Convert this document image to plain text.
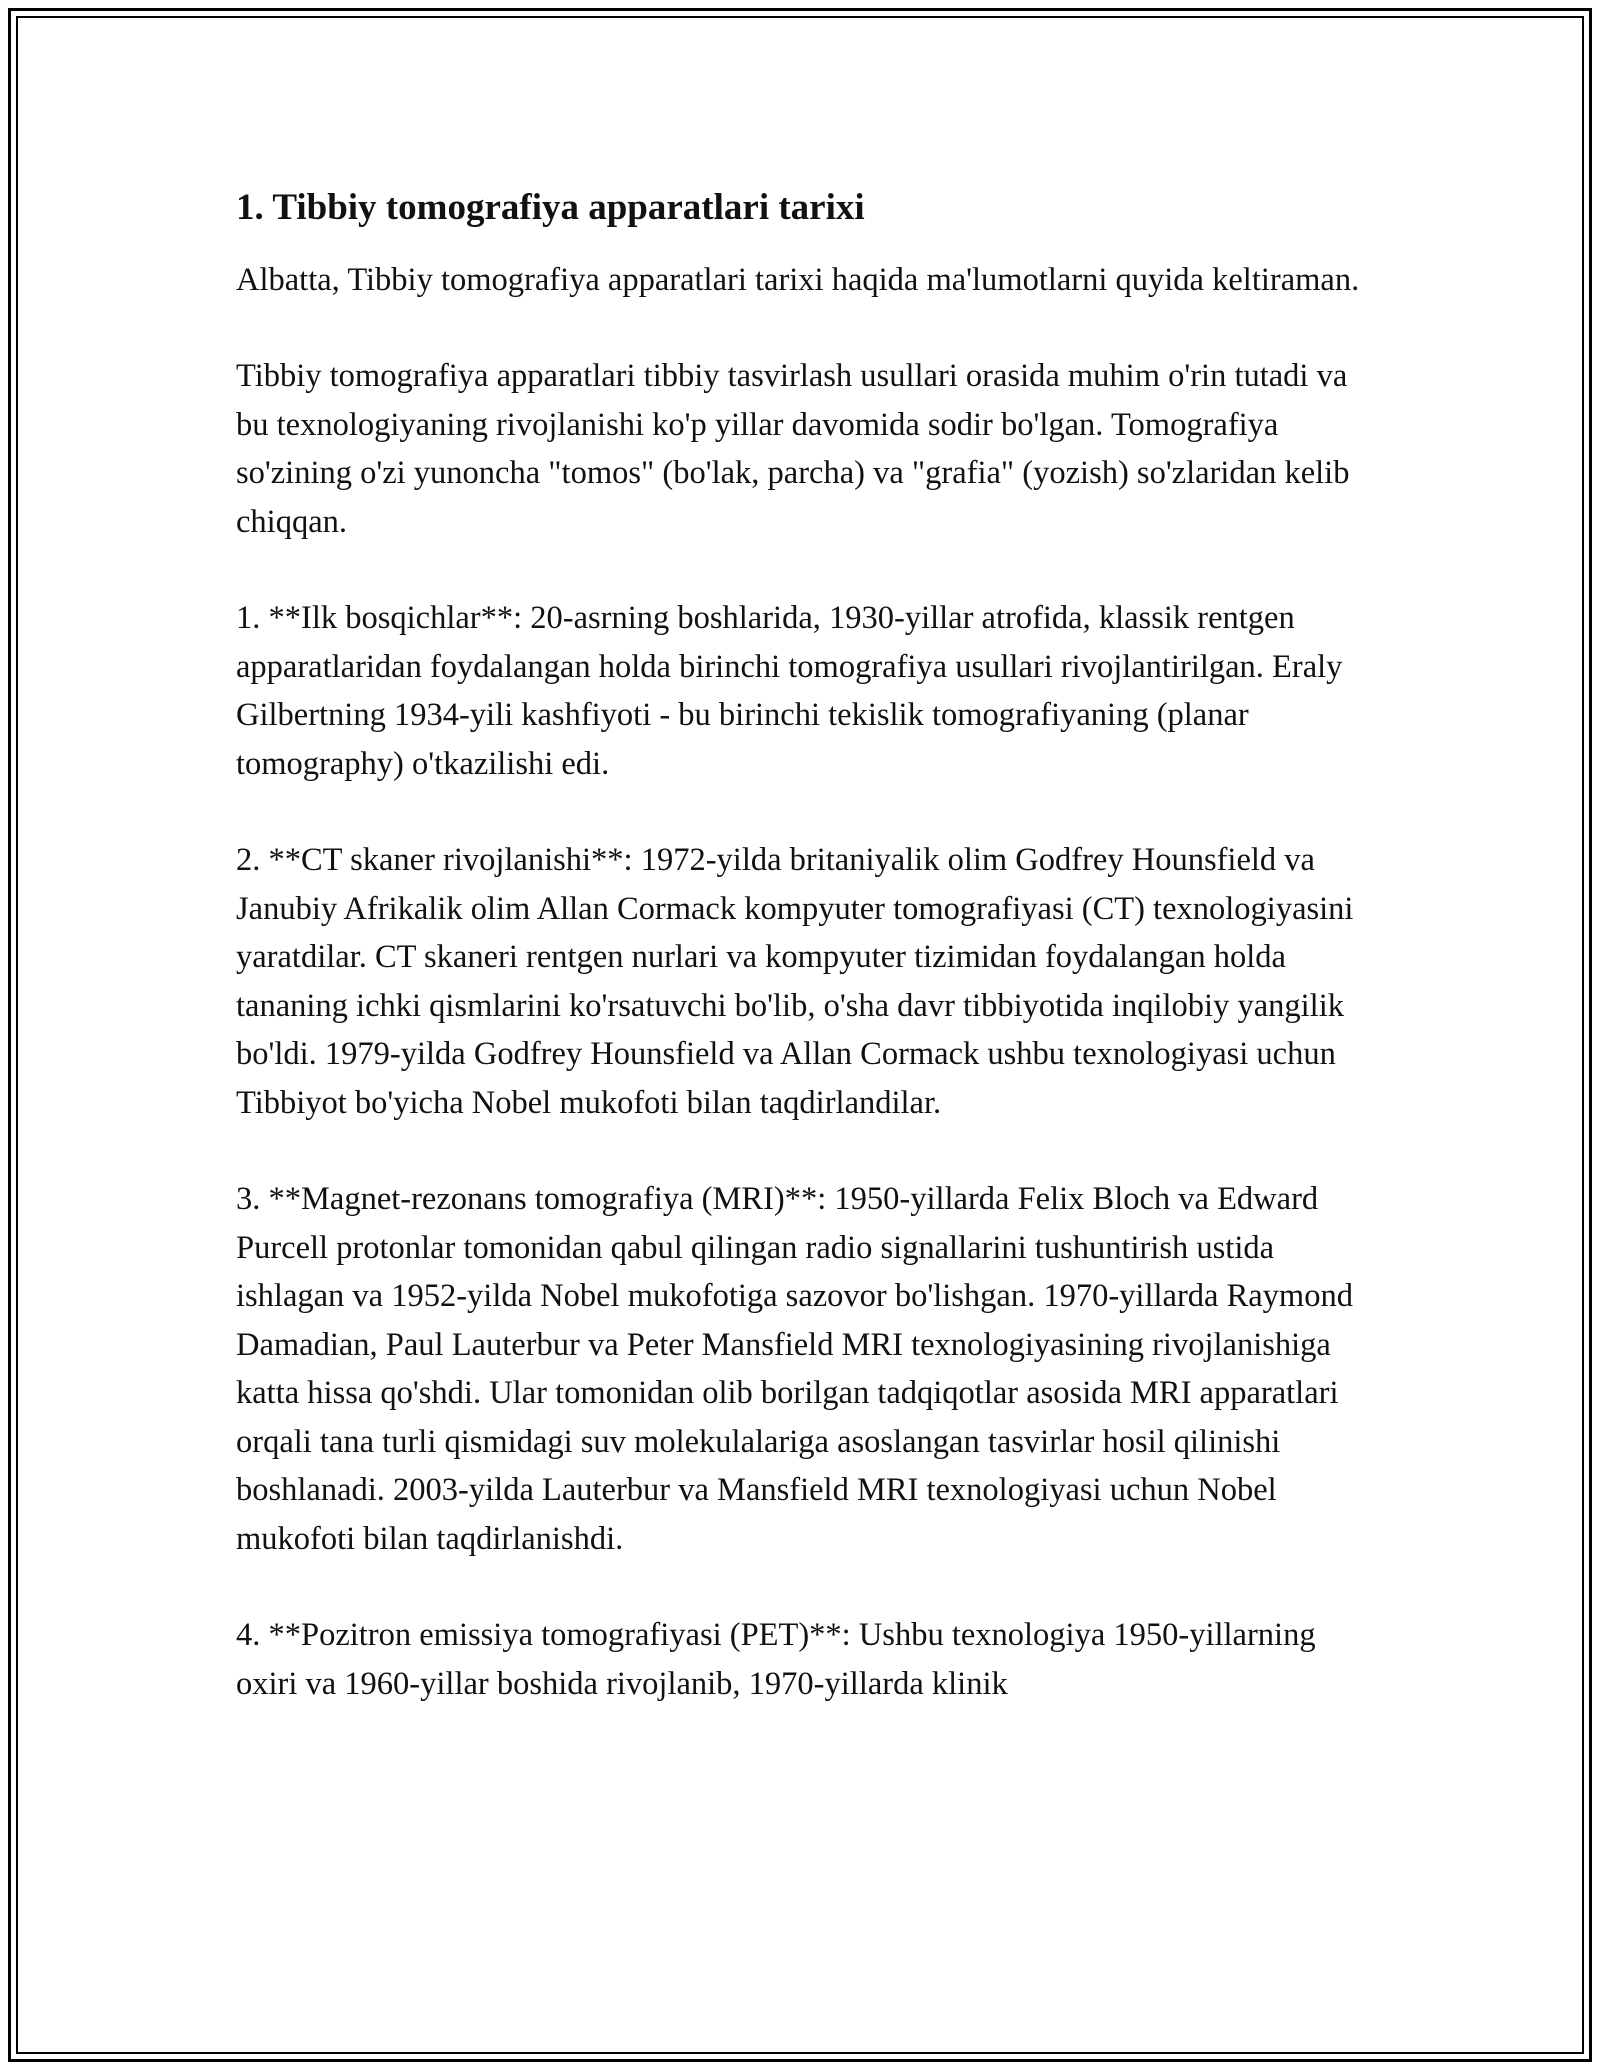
1. Tibbiy tomografiya apparatlari tarixi

Albatta, Tibbiy tomografiya apparatlari tarixi haqida ma'lumotlarni quyida keltiraman.

Tibbiy tomografiya apparatlari tibbiy tasvirlash usullari orasida muhim o'rin tutadi va bu texnologiyaning rivojlanishi ko'p yillar davomida sodir bo'lgan. Tomografiya so'zining o'zi yunoncha "tomos" (bo'lak, parcha) va "grafia" (yozish) so'zlaridan kelib chiqqan.

1. **Ilk bosqichlar**: 20-asrning boshlarida, 1930-yillar atrofida, klassik rentgen apparatlaridan foydalangan holda birinchi tomografiya usullari rivojlantirilgan. Eraly Gilbertning 1934-yili kashfiyoti - bu birinchi tekislik tomografiyaning (planar tomography) o'tkazilishi edi.

2. **CT skaner rivojlanishi**: 1972-yilda britaniyalik olim Godfrey Hounsfield va Janubiy Afrikalik olim Allan Cormack kompyuter tomografiyasi (CT) texnologiyasini yaratdilar. CT skaneri rentgen nurlari va kompyuter tizimidan foydalangan holda tananing ichki qismlarini ko'rsatuvchi bo'lib, o'sha davr tibbiyotida inqilobiy yangilik bo'ldi. 1979-yilda Godfrey Hounsfield va Allan Cormack ushbu texnologiyasi uchun Tibbiyot bo'yicha Nobel mukofoti bilan taqdirlandilar.

3. **Magnet-rezonans tomografiya (MRI)**: 1950-yillarda Felix Bloch va Edward Purcell protonlar tomonidan qabul qilingan radio signallarini tushuntirish ustida ishlagan va 1952-yilda Nobel mukofotiga sazovor bo'lishgan. 1970-yillarda Raymond Damadian, Paul Lauterbur va Peter Mansfield MRI texnologiyasining rivojlanishiga katta hissa qo'shdi. Ular tomonidan olib borilgan tadqiqotlar asosida MRI apparatlari orqali tana turli qismidagi suv molekulalariga asoslangan tasvirlar hosil qilinishi boshlanadi. 2003-yilda Lauterbur va Mansfield MRI texnologiyasi uchun Nobel mukofoti bilan taqdirlanishdi.

4. **Pozitron emissiya tomografiyasi (PET)**: Ushbu texnologiya 1950-yillarning oxiri va 1960-yillar boshida rivojlanib, 1970-yillarda klinik
